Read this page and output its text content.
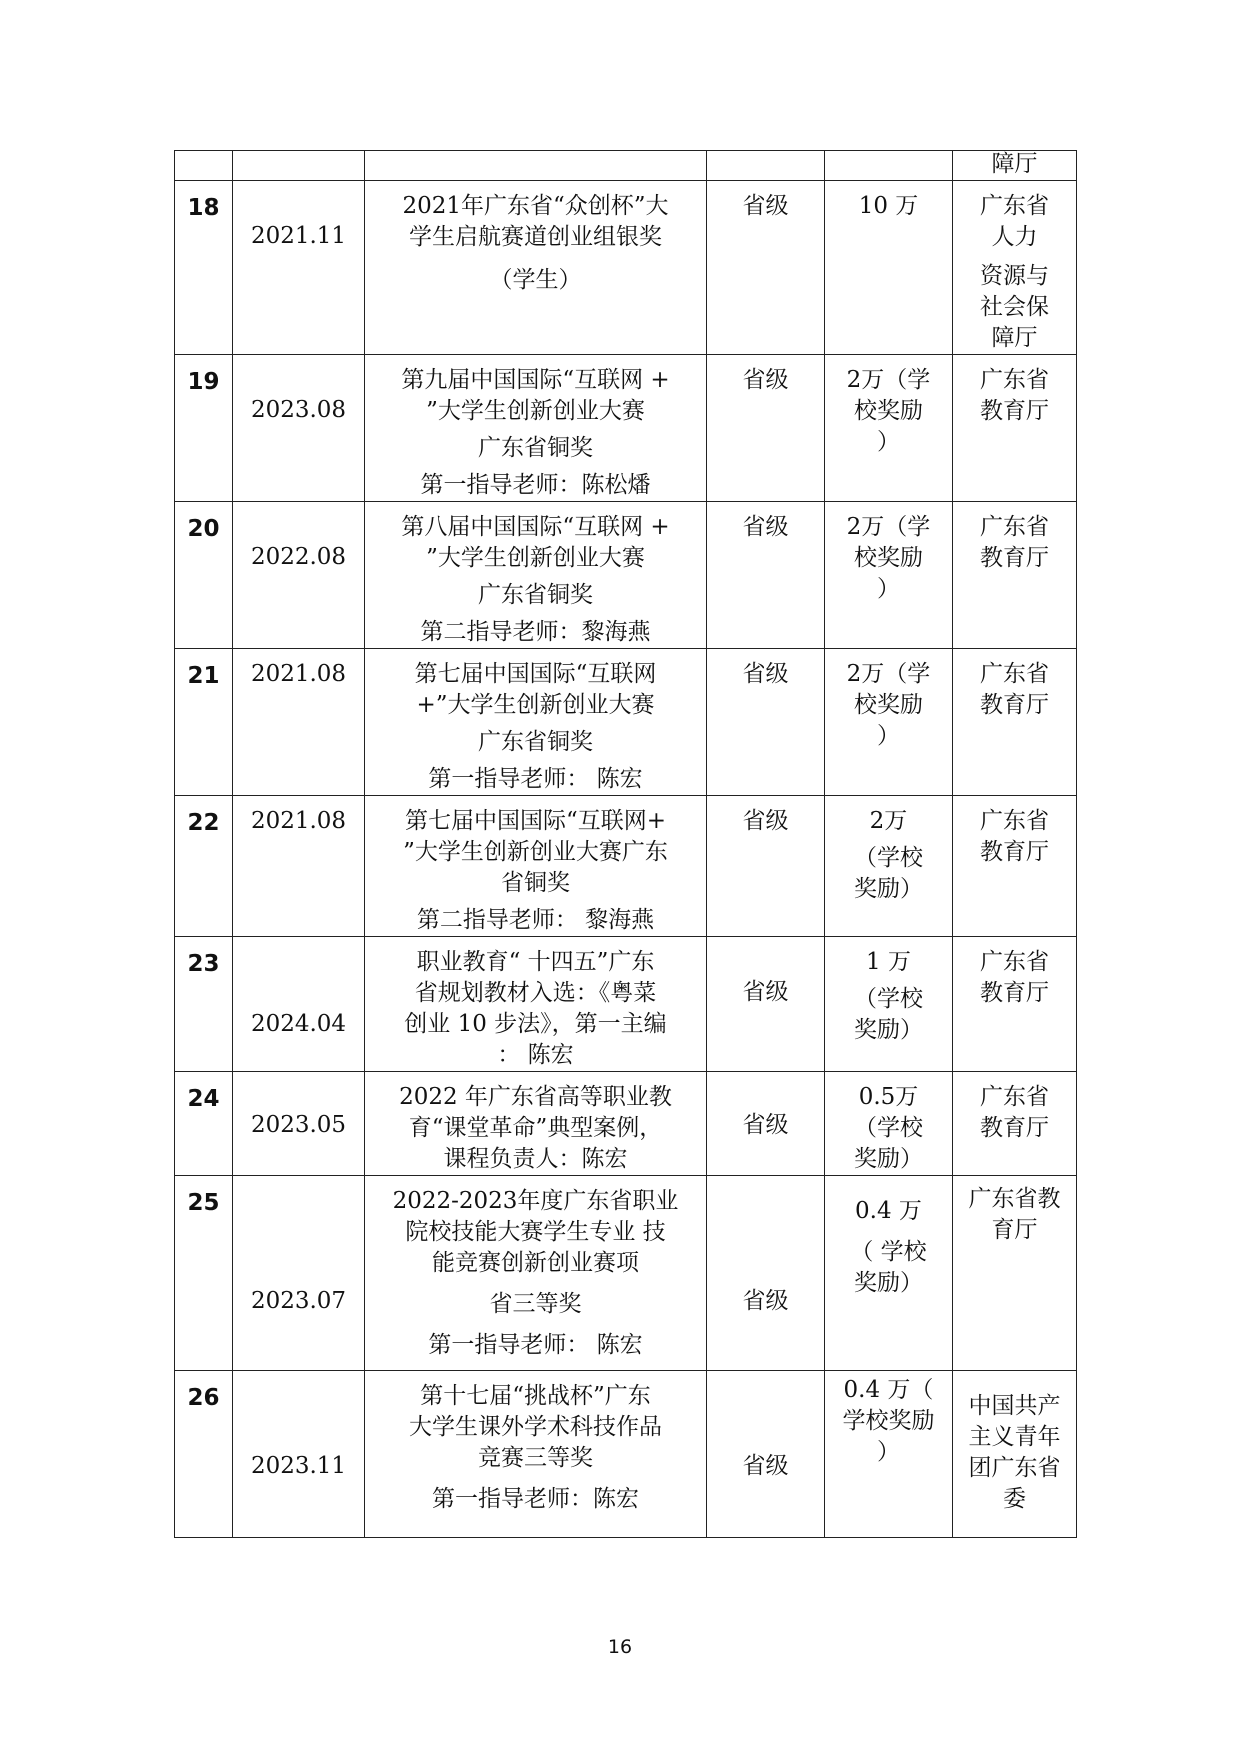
					障厅

18	2021.11	2021年广东省“众创杯”大
学生启航赛道创业组银奖
（学生）	省级	10 万	广东省
人力
资源与
社会保
障厅

19	2023.08	第九届中国国际“互联网 +
”大学生创新创业大赛
广东省铜奖
第一指导老师：陈松燔	省级	2万（学
校奖励
）	广东省
教育厅

20	2022.08	第八届中国国际“互联网 +
”大学生创新创业大赛
广东省铜奖
第二指导老师：黎海燕	省级	2万（学
校奖励
）	广东省
教育厅

21	2021.08	第七届中国国际“互联网
+”大学生创新创业大赛
广东省铜奖
第一指导老师： 陈宏	省级	2万（学
校奖励
）	广东省
教育厅

22	2021.08	第七届中国国际“互联网+
”大学生创新创业大赛广东
省铜奖
第二指导老师： 黎海燕	省级	2万
（学校
奖励）	广东省
教育厅

23	2024.04	职业教育“ 十四五”广东
省规划教材入选：《粤菜
创业 10 步法》，第一主编
： 陈宏	省级	1 万
（学校
奖励）	广东省
教育厅

24	2023.05	2022 年广东省高等职业教
育“课堂革命”典型案例，
课程负责人：陈宏	省级	0.5万
（学校
奖励）	广东省
教育厅

25	2023.07	2022-2023年度广东省职业
院校技能大赛学生专业 技
能竞赛创新创业赛项
省三等奖
第一指导老师： 陈宏	省级	0.4 万
（ 学校
奖励）	广东省教
育厅

26	2023.11	第十七届“挑战杯”广东
大学生课外学术科技作品
竞赛三等奖
第一指导老师：陈宏	省级	0.4 万（
学校奖励
）	中国共产
主义青年
团广东省
委
16
